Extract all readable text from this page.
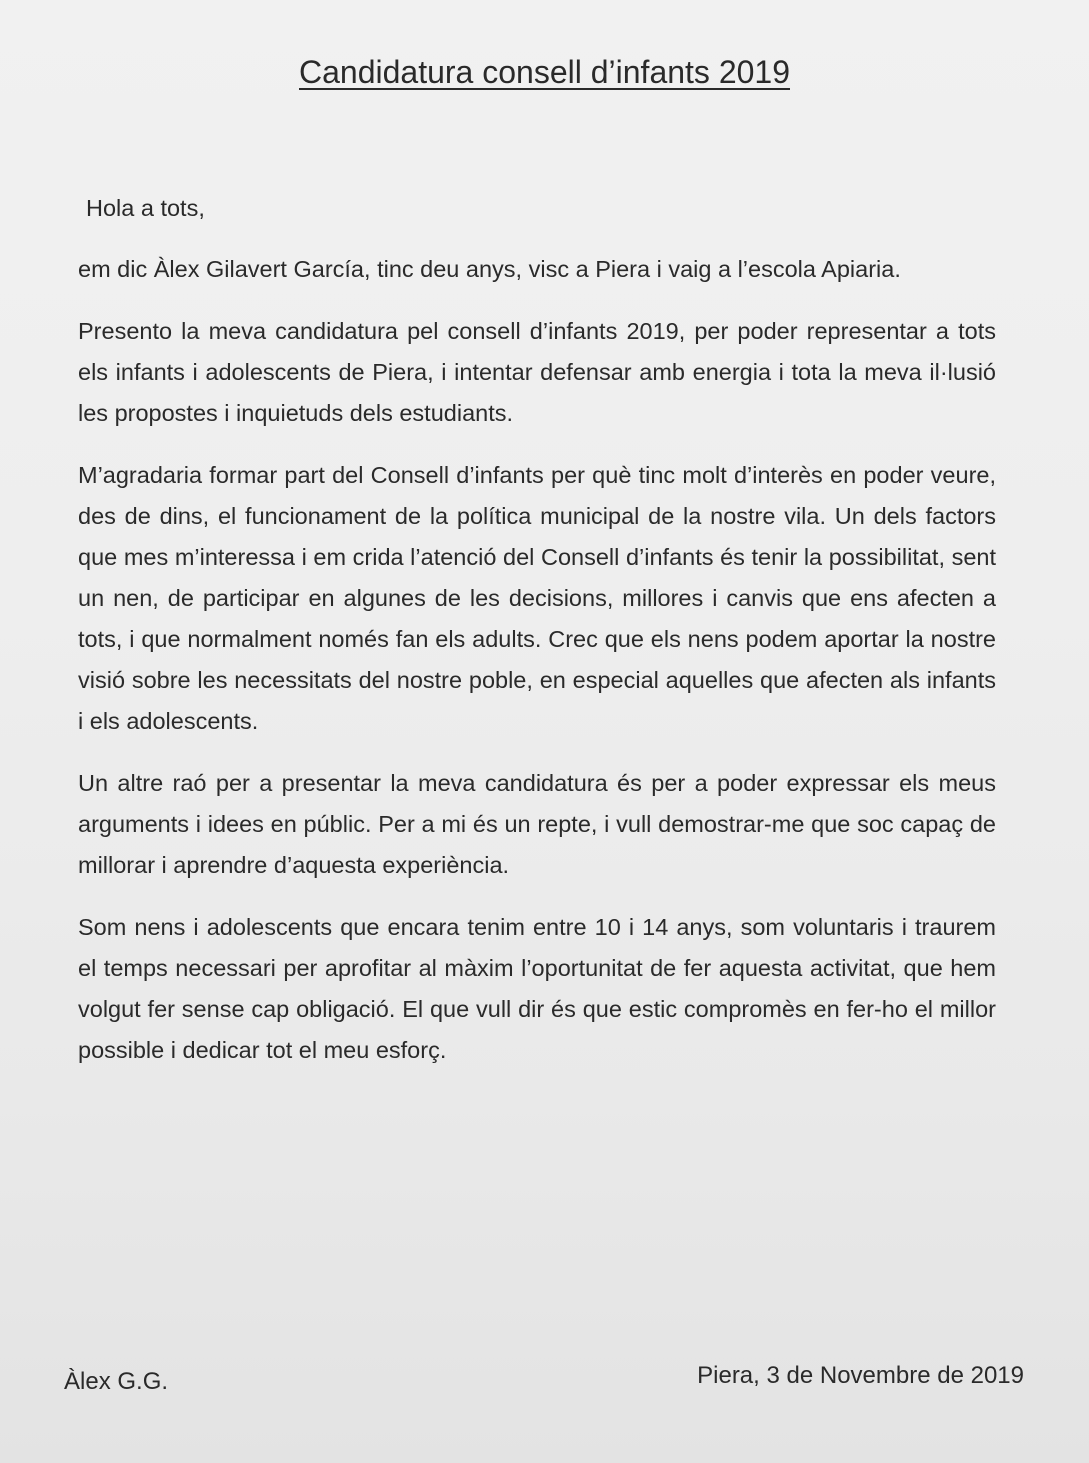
Candidatura consell d’infants 2019

Hola a tots,

em dic Àlex Gilavert García, tinc deu anys, visc a Piera i vaig a l’escola Apiaria.

Presento la meva candidatura pel consell d’infants 2019, per poder representar a tots els infants i adolescents de Piera, i intentar defensar amb energia i tota la meva il·lusió les propostes i inquietuds dels estudiants.

M’agradaria formar part del Consell d’infants per què tinc molt d’interès en poder veure, des de dins, el funcionament de la política municipal de la nostre vila. Un dels factors que mes m’interessa i em crida l’atenció del Consell d’infants és tenir la possibilitat, sent un nen, de participar en algunes de les decisions, millores i canvis que ens afecten a tots, i que normalment només fan els adults. Crec que els nens podem aportar la nostre visió sobre les necessitats del nostre poble, en especial aquelles que afecten als infants i els adolescents.

Un altre raó per a presentar la meva candidatura és per a poder expressar els meus arguments i idees en públic. Per a mi és un repte, i vull demostrar-me que soc capaç de millorar i aprendre d’aquesta experiència.

Som nens i adolescents que encara tenim entre 10 i 14 anys, som voluntaris i traurem el temps necessari per aprofitar al màxim l’oportunitat de fer aquesta activitat, que hem volgut fer sense cap obligació. El que vull dir és que estic compromès en fer-ho el millor possible i dedicar tot el meu esforç.

Àlex G.G.	Piera, 3 de Novembre de 2019
